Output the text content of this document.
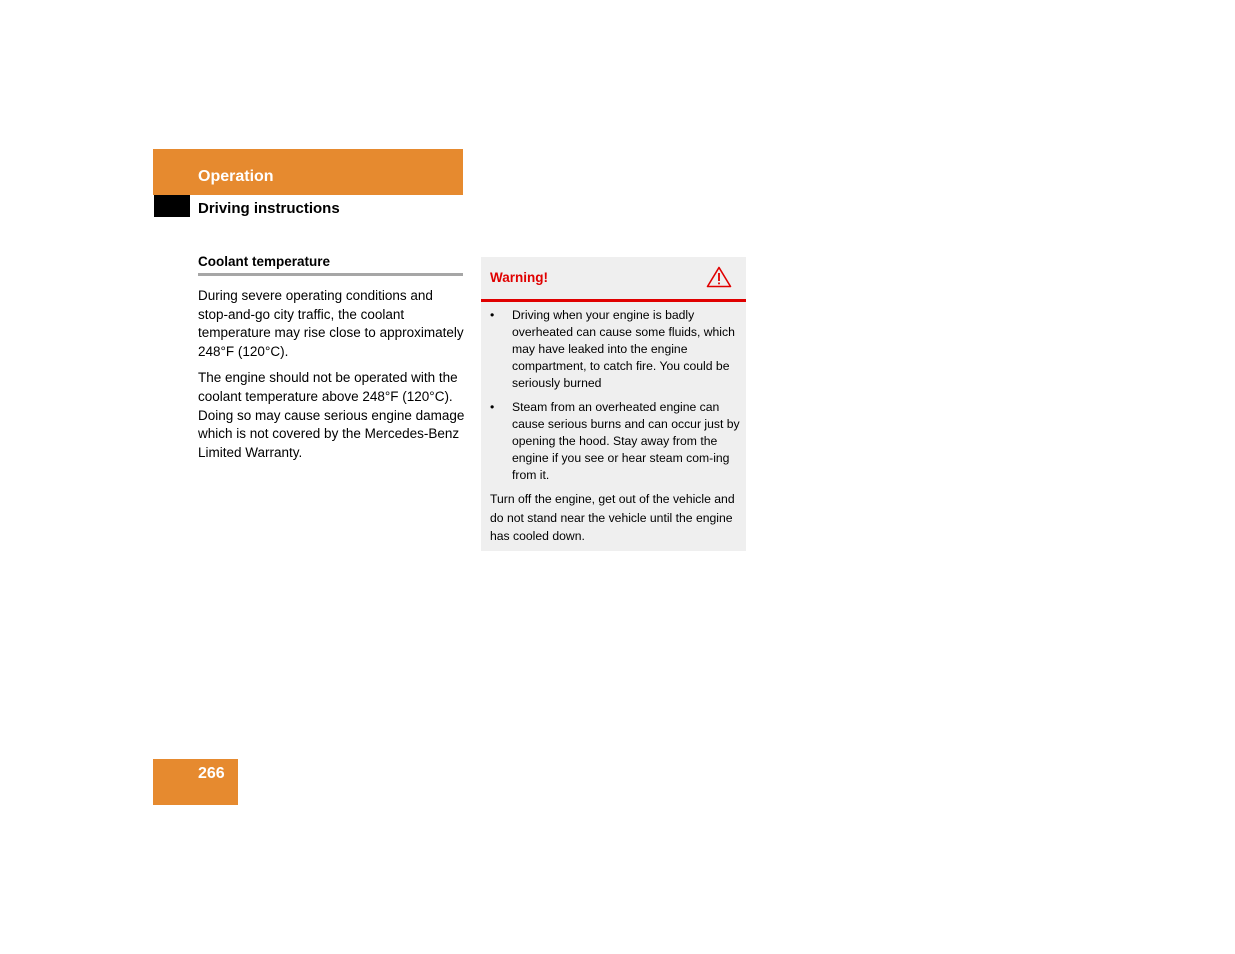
Operation
Driving instructions
Coolant temperature

During severe operating conditions and stop-and-go city traffic, the coolant temperature may rise close to approximately 248°F (120°C).

The engine should not be operated with the coolant temperature above 248°F (120°C). Doing so may cause serious engine damage which is not covered by the Mercedes-Benz Limited Warranty.

Warning!
• Driving when your engine is badly overheated can cause some fluids, which may have leaked into the engine compartment, to catch fire. You could be seriously burned
• Steam from an overheated engine can cause serious burns and can occur just by opening the hood. Stay away from the engine if you see or hear steam com-ing from it.
Turn off the engine, get out of the vehicle and do not stand near the vehicle until the engine has cooled down.
266
